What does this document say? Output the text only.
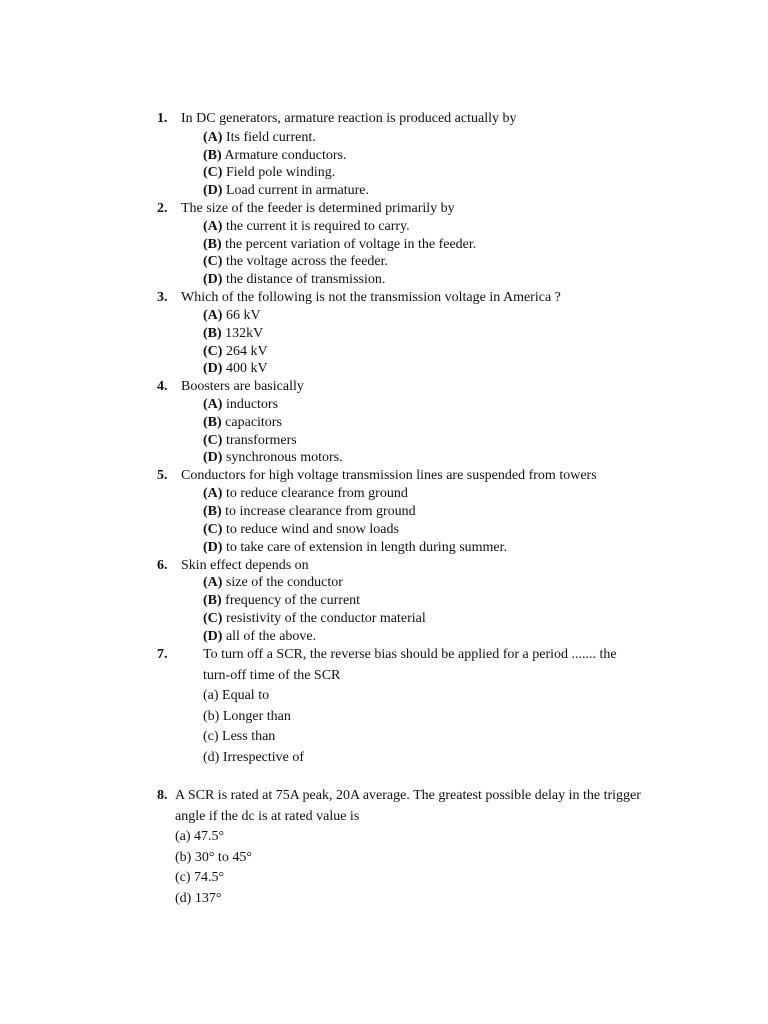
1. In DC generators, armature reaction is produced actually by
(A) Its field current.
(B) Armature conductors.
(C) Field pole winding.
(D) Load current in armature.
2. The size of the feeder is determined primarily by
(A) the current it is required to carry.
(B) the percent variation of voltage in the feeder.
(C) the voltage across the feeder.
(D) the distance of transmission.
3. Which of the following is not the transmission voltage in America ?
(A) 66 kV
(B) 132kV
(C) 264 kV
(D) 400 kV
4. Boosters are basically
(A) inductors
(B) capacitors
(C) transformers
(D) synchronous motors.
5. Conductors for high voltage transmission lines are suspended from towers
(A) to reduce clearance from ground
(B) to increase clearance from ground
(C) to reduce wind and snow loads
(D) to take care of extension in length during summer.
6. Skin effect depends on
(A) size of the conductor
(B) frequency of the current
(C) resistivity of the conductor material
(D) all of the above.
7.	To turn off a SCR, the reverse bias should be applied for a period ....... the
turn-off time of the SCR
(a) Equal to
(b) Longer than
(c) Less than
(d) Irrespective of
8. A SCR is rated at 75A peak, 20A average. The greatest possible delay in the trigger
angle if the dc is at rated value is
(a) 47.5°
(b) 30° to 45°
(c) 74.5°
(d) 137°
